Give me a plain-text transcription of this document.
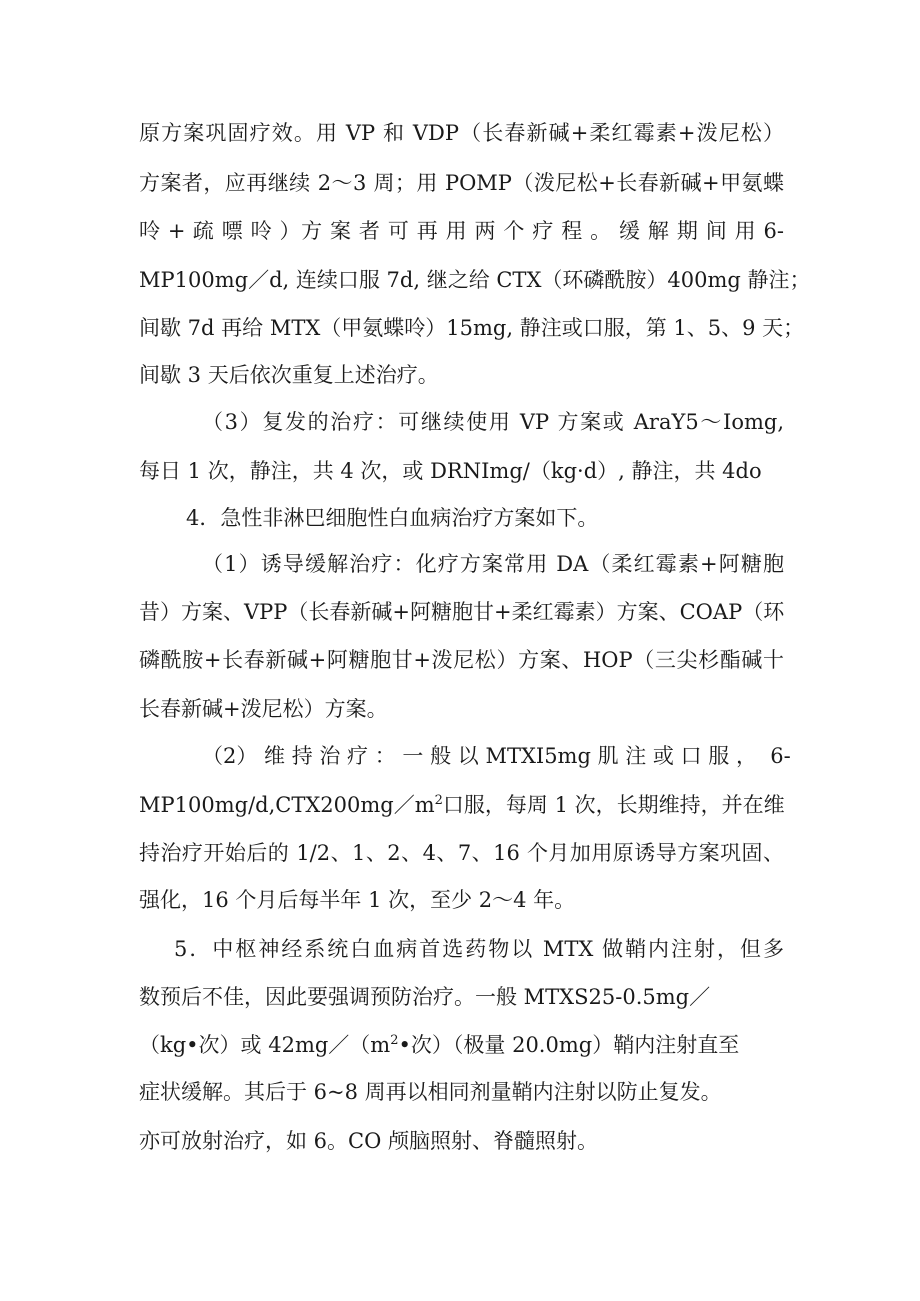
原方案巩固疗效。用 VP 和 VDP（长春新碱+柔红霉素+泼尼松）

方案者，应再继续 2～3 周；用 POMP（泼尼松+长春新碱+甲氨蝶

呤 + 疏 嘌 呤 ）方 案 者 可 再 用 两 个 疗 程 。 缓 解 期 间 用 6-

MP100mg／d, 连续口服 7d, 继之给 CTX（环磷酰胺）400mg 静注；

间歇 7d 再给 MTX（甲氨蝶呤）15mg, 静注或口服，第 1、5、9 天；

间歇 3 天后依次重复上述治疗。

（3）复发的治疗：可继续使用 VP 方案或 AraY5～Iomg,

每日 1 次，静注，共 4 次，或 DRNImg/（kg·d）, 静注，共 4do

4．急性非淋巴细胞性白血病治疗方案如下。

（1）诱导缓解治疗：化疗方案常用 DA（柔红霉素+阿糖胞

昔）方案、VPP（长春新碱+阿糖胞甘+柔红霉素）方案、COAP（环

磷酰胺+长春新碱+阿糖胞甘+泼尼松）方案、HOP（三尖杉酯碱十

长春新碱+泼尼松）方案。

（2） 维 持 治 疗 ： 一 般 以 MTXI5mg 肌 注 或 口 服 ，  6-

$MP100mg/d,CTX200mg/m^2$口服，每周 1 次，长期维持，并在维

持治疗开始后的 1/2、1、2、4、7、16 个月加用原诱导方案巩固、

强化，16 个月后每半年 1 次，至少 2～4 年。

5．中枢神经系统白血病首选药物以 MTX 做鞘内注射，但多

数预后不佳，因此要强调预防治疗。一般 MTXS25-0.5mg／

（kg•次）或 $42mg/(m^2•$次）（极量 20.0mg）鞘内注射直至

症状缓解。其后于 6~8 周再以相同剂量鞘内注射以防止复发。

亦可放射治疗，如 6。CO 颅脑照射、脊髓照射。
